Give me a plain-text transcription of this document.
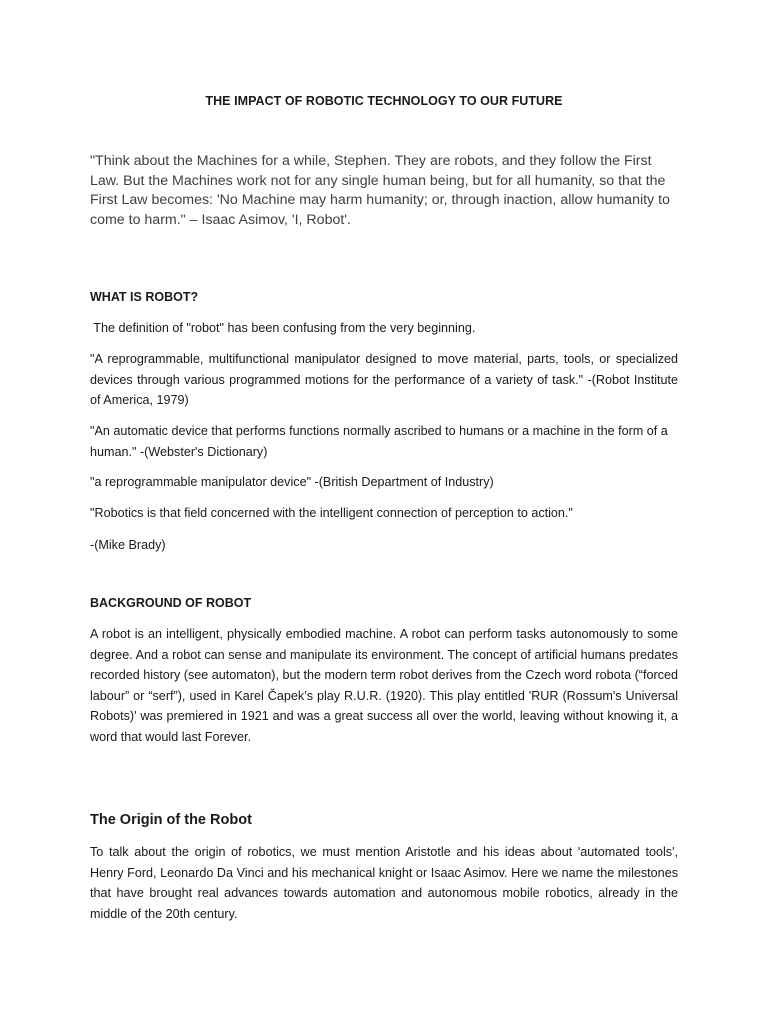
THE IMPACT OF ROBOTIC TECHNOLOGY TO OUR FUTURE

"Think about the Machines for a while, Stephen. They are robots, and they follow the First Law. But the Machines work not for any single human being, but for all humanity, so that the First Law becomes: 'No Machine may harm humanity; or, through inaction, allow humanity to come to harm." – Isaac Asimov, 'I, Robot'.

WHAT IS ROBOT?

The definition of "robot" has been confusing from the very beginning.

"A reprogrammable, multifunctional manipulator designed to move material, parts, tools, or specialized devices through various programmed motions for the performance of a variety of task." -(Robot Institute of America, 1979)

"An automatic device that performs functions normally ascribed to humans or a machine in the form of a human." -(Webster's Dictionary)

"a reprogrammable manipulator device" -(British Department of Industry)

"Robotics is that field concerned with the intelligent connection of perception to action."

-(Mike Brady)

BACKGROUND OF ROBOT

A robot is an intelligent, physically embodied machine. A robot can perform tasks autonomously to some degree. And a robot can sense and manipulate its environment. The concept of artificial humans predates recorded history (see automaton), but the modern term robot derives from the Czech word robota (“forced labour” or “serf”), used in Karel Čapek’s play R.U.R. (1920). This play entitled 'RUR (Rossum's Universal Robots)' was premiered in 1921 and was a great success all over the world, leaving without knowing it, a word that would last Forever.

The Origin of the Robot

To talk about the origin of robotics, we must mention Aristotle and his ideas about 'automated tools', Henry Ford, Leonardo Da Vinci and his mechanical knight or Isaac Asimov. Here we name the milestones that have brought real advances towards automation and autonomous mobile robotics, already in the middle of the 20th century.
